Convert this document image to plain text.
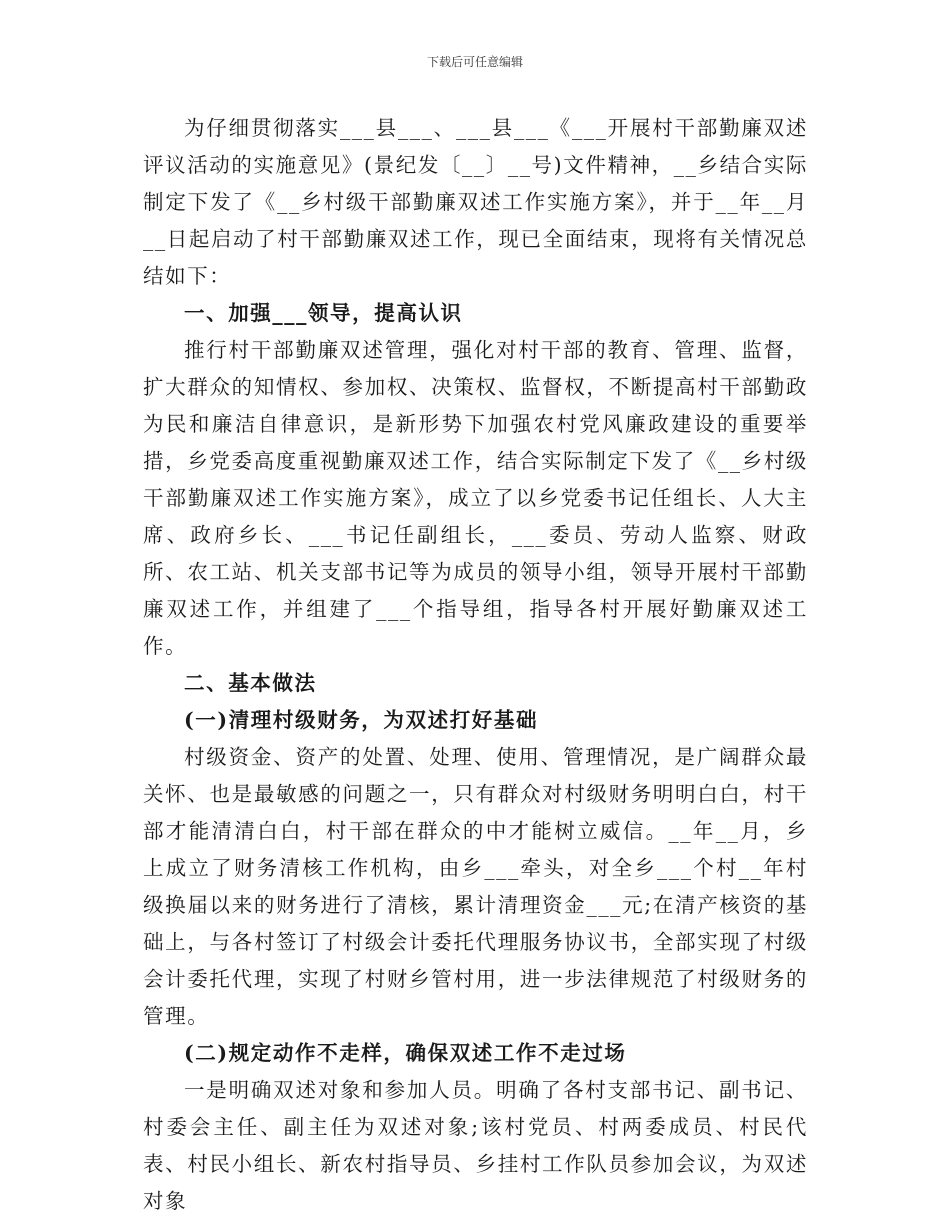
下载后可任意编辑

为仔细贯彻落实___县___、___县___《___开展村干部勤廉双述评议活动的实施意见》(景纪发〔__〕__号)文件精神，__乡结合实际制定下发了《__乡村级干部勤廉双述工作实施方案》，并于__年__月__日起启动了村干部勤廉双述工作，现已全面结束，现将有关情况总结如下：

一、加强___领导，提高认识

推行村干部勤廉双述管理，强化对村干部的教育、管理、监督，扩大群众的知情权、参加权、决策权、监督权，不断提高村干部勤政为民和廉洁自律意识，是新形势下加强农村党风廉政建设的重要举措，乡党委高度重视勤廉双述工作，结合实际制定下发了《__乡村级干部勤廉双述工作实施方案》，成立了以乡党委书记任组长、人大主席、政府乡长、___书记任副组长，___委员、劳动人监察、财政所、农工站、机关支部书记等为成员的领导小组，领导开展村干部勤廉双述工作，并组建了___个指导组，指导各村开展好勤廉双述工作。

二、基本做法

(一)清理村级财务，为双述打好基础

村级资金、资产的处置、处理、使用、管理情况，是广阔群众最关怀、也是最敏感的问题之一，只有群众对村级财务明明白白，村干部才能清清白白，村干部在群众的中才能树立威信。__年__月，乡上成立了财务清核工作机构，由乡___牵头，对全乡___个村__年村级换届以来的财务进行了清核，累计清理资金___元;在清产核资的基础上，与各村签订了村级会计委托代理服务协议书，全部实现了村级会计委托代理，实现了村财乡管村用，进一步法律规范了村级财务的管理。

(二)规定动作不走样，确保双述工作不走过场

一是明确双述对象和参加人员。明确了各村支部书记、副书记、村委会主任、副主任为双述对象;该村党员、村两委成员、村民代表、村民小组长、新农村指导员、乡挂村工作队员参加会议，为双述对象
